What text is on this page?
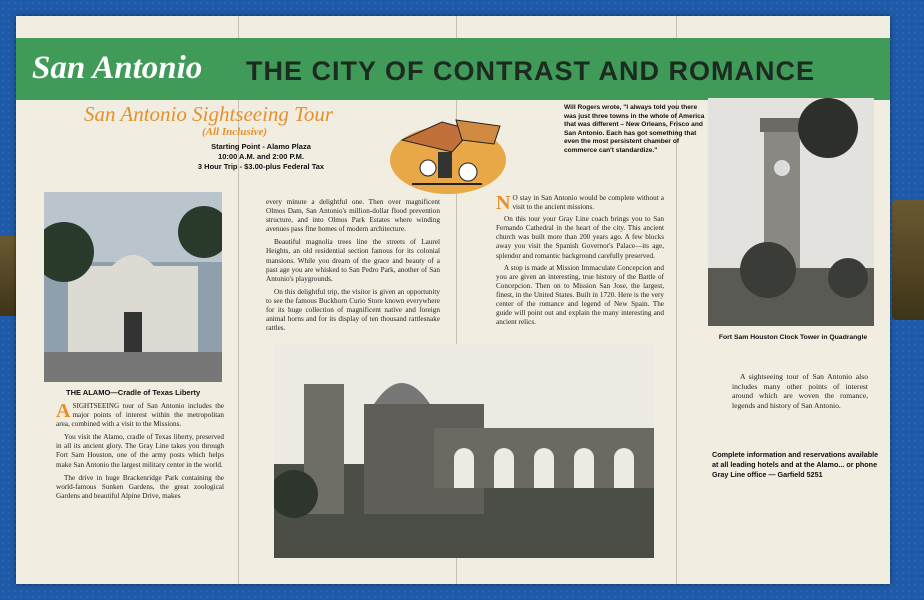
San Antonio THE CITY OF CONTRAST AND ROMANCE
San Antonio Sightseeing Tour
(All Inclusive)
Starting Point - Alamo Plaza
10:00 A.M. and 2:00 P.M.
3 Hour Trip - $3.00-plus Federal Tax
THE ALAMO—Cradle of Texas Liberty

ASIGHTSEEING tour of San Antonio includes the major points of interest within the metropolitan area, combined with a visit to the Missions.

You visit the Alamo, cradle of Texas liberty, preserved in all its ancient glory. The Gray Line takes you through Fort Sam Houston, one of the army posts which helps make San Antonio the largest military center in the world.

The drive in huge Brackenridge Park containing the world-famous Sunken Gardens, the great zoological Gardens and beautiful Alpine Drive, makes

every minute a delightful one. Then over magnificent Olmos Dam, San Antonio's million-dollar flood prevention structure, and into Olmos Park Estates where winding avenues pass fine homes of modern architecture.

Beautiful magnolia trees line the streets of Laurel Heights, an old residential section famous for its colonial mansions. While you dream of the grace and beauty of a past age you are whisked to San Pedro Park, another of San Antonio's playgrounds.

On this delightful trip, the visitor is given an opportunity to see the famous Buckhorn Curio Store known everywhere for its huge collection of magnificent native and foreign animal horns and for its display of ten thousand rattlesnake rattles.

Will Rogers wrote, "I always told you there was just three towns in the whole of America that was different – New Orleans, Frisco and San Antonio. Each has got something that even the most persistent chamber of commerce can't standardize."

N O stay in San Antonio would be complete without a visit to the ancient missions.

On this tour your Gray Line coach brings you to San Fernando Cathedral in the heart of the city. This ancient church was built more than 200 years ago. A few blocks away you visit the Spanish Governor's Palace—its age, splendor and romantic background carefully preserved.

A stop is made at Mission Immaculate Concepcion and you are given an interesting, true history of the Battle of Concepcion. Then on to Mission San Jose, the largest, finest, in the United States. Built in 1720. Here is the very center of the romance and legend of New Spain. The guide will point out and explain the many interesting and ancient relics.

Fort Sam Houston Clock Tower in Quadrangle
A sightseeing tour of San Antonio also includes many other points of interest around which are woven the romance, legends and history of San Antonio.
Complete information and reservations available at all leading hotels and at the Alamo... or phone Gray Line office — Garfield 5251
